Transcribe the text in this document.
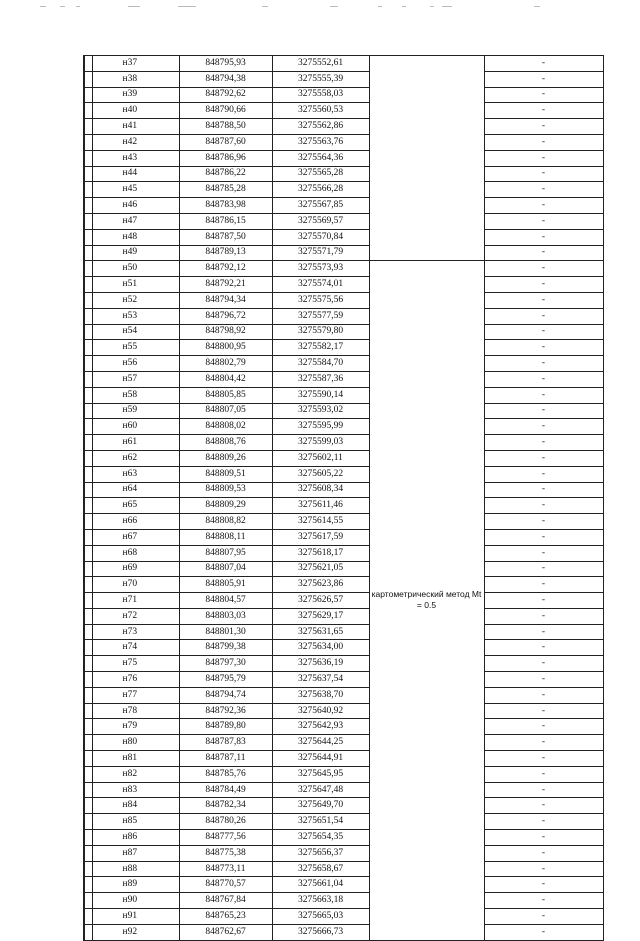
	н37	848795,93	3275552,61		-
	н38	848794,38	3275555,39		-
	н39	848792,62	3275558,03		-
	н40	848790,66	3275560,53		-
	н41	848788,50	3275562,86		-
	н42	848787,60	3275563,76		-
	н43	848786,96	3275564,36		-
	н44	848786,22	3275565,28		-
	н45	848785,28	3275566,28		-
	н46	848783,98	3275567,85		-
	н47	848786,15	3275569,57		-
	н48	848787,50	3275570,84		-
	н49	848789,13	3275571,79		-
	н50	848792,12	3275573,93	картометрический метод Mt = 0.5	-
	н51	848792,21	3275574,01		-
	н52	848794,34	3275575,56		-
	н53	848796,72	3275577,59		-
	н54	848798,92	3275579,80		-
	н55	848800,95	3275582,17		-
	н56	848802,79	3275584,70		-
	н57	848804,42	3275587,36		-
	н58	848805,85	3275590,14		-
	н59	848807,05	3275593,02		-
	н60	848808,02	3275595,99		-
	н61	848808,76	3275599,03		-
	н62	848809,26	3275602,11		-
	н63	848809,51	3275605,22		-
	н64	848809,53	3275608,34		-
	н65	848809,29	3275611,46		-
	н66	848808,82	3275614,55		-
	н67	848808,11	3275617,59		-
	н68	848807,95	3275618,17		-
	н69	848807,04	3275621,05		-
	н70	848805,91	3275623,86		-
	н71	848804,57	3275626,57		-
	н72	848803,03	3275629,17		-
	н73	848801,30	3275631,65		-
	н74	848799,38	3275634,00		-
	н75	848797,30	3275636,19		-
	н76	848795,79	3275637,54		-
	н77	848794,74	3275638,70		-
	н78	848792,36	3275640,92		-
	н79	848789,80	3275642,93		-
	н80	848787,83	3275644,25		-
	н81	848787,11	3275644,91		-
	н82	848785,76	3275645,95		-
	н83	848784,49	3275647,48		-
	н84	848782,34	3275649,70		-
	н85	848780,26	3275651,54		-
	н86	848777,56	3275654,35		-
	н87	848775,38	3275656,37		-
	н88	848773,11	3275658,67		-
	н89	848770,57	3275661,04		-
	н90	848767,84	3275663,18		-
	н91	848765,23	3275665,03		-
	н92	848762,67	3275666,73		-
